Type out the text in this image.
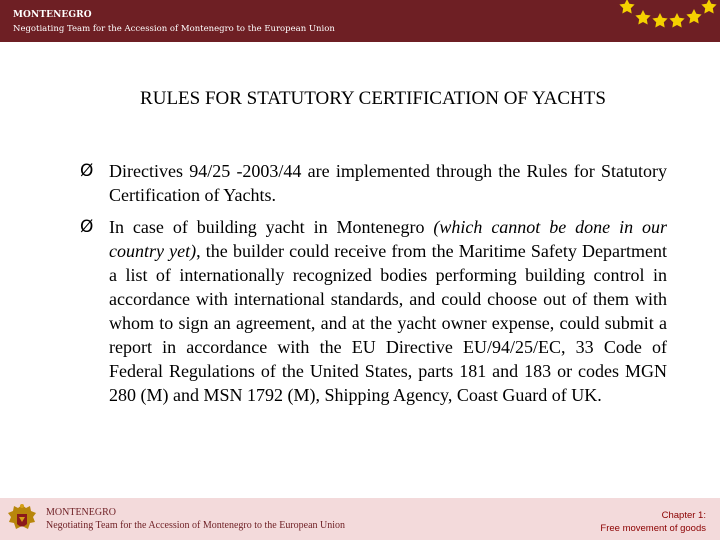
MONTENEGRO
Negotiating Team for the Accession of Montenegro to the European Union
RULES FOR STATUTORY CERTIFICATION OF YACHTS
Ø Directives 94/25 -2003/44 are implemented through the Rules for Statutory Certification of Yachts.

Ø In case of building yacht in Montenegro (which cannot be done in our country yet), the builder could receive from the Maritime Safety Department a list of internationally recognized bodies performing building control in accordance with international standards, and could choose out of them with whom to sign an agreement, and at the yacht owner expense, could submit a report in accordance with the EU Directive EU/94/25/EC, 33 Code of Federal Regulations of the United States, parts 181 and 183 or codes MGN 280 (M) and MSN 1792 (M), Shipping Agency, Coast Guard of UK.

MONTENEGRO
Negotiating Team for the Accession of Montenegro to the European Union
Chapter 1:
Free movement of goods
